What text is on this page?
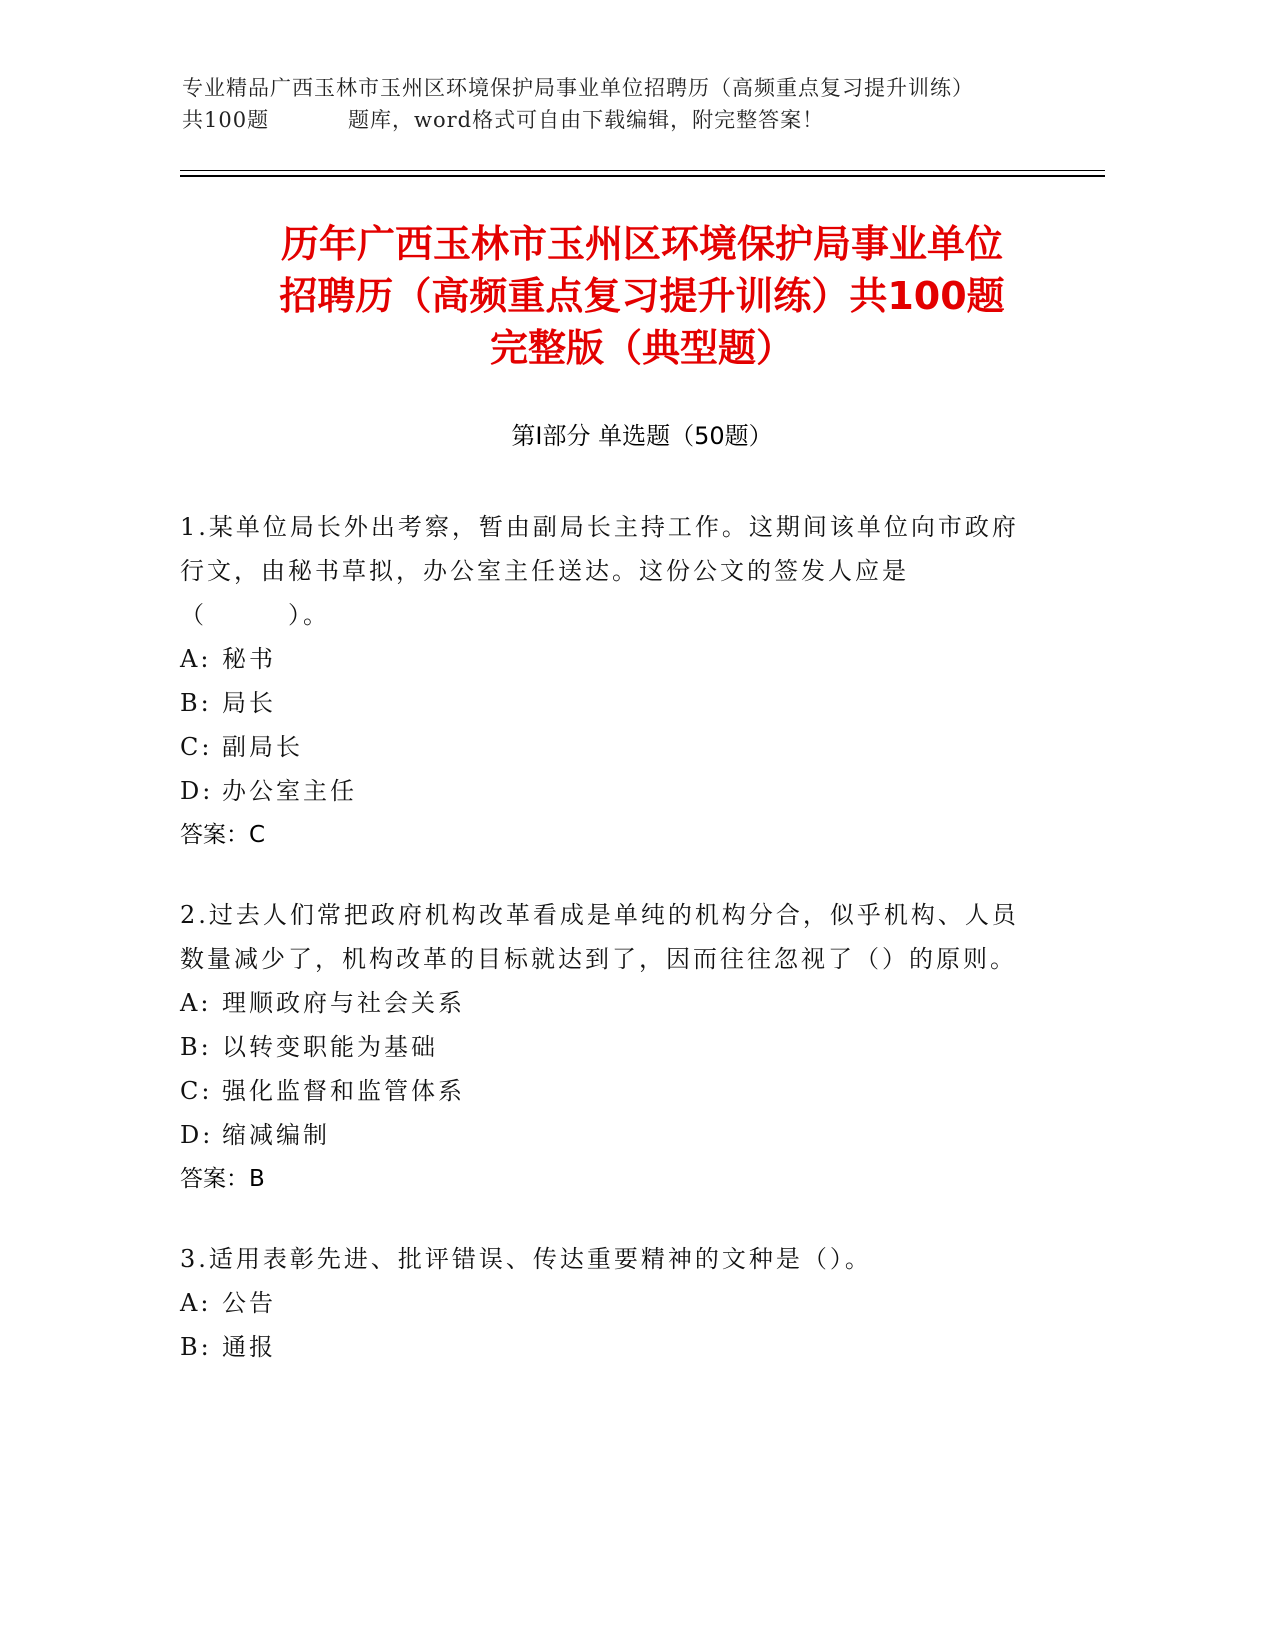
专业精品广西玉林市玉州区环境保护局事业单位招聘历（高频重点复习提升训练）
共100题	题库，word格式可自由下载编辑，附完整答案！
历年广西玉林市玉州区环境保护局事业单位
招聘历（高频重点复习提升训练）共100题
完整版（典型题）
第Ⅰ部分 单选题（50题）
1.某单位局长外出考察，暂由副局长主持工作。这期间该单位向市政府行文，由秘书草拟，办公室主任送达。这份公文的签发人应是（　　　）。
A: 秘书
B: 局长
C: 副局长
D: 办公室主任
答案：C
2.过去人们常把政府机构改革看成是单纯的机构分合，似乎机构、人员数量减少了，机构改革的目标就达到了，因而往往忽视了（）的原则。
A: 理顺政府与社会关系
B: 以转变职能为基础
C: 强化监督和监管体系
D: 缩减编制
答案：B
3.适用表彰先进、批评错误、传达重要精神的文种是（）。
A: 公告
B: 通报
